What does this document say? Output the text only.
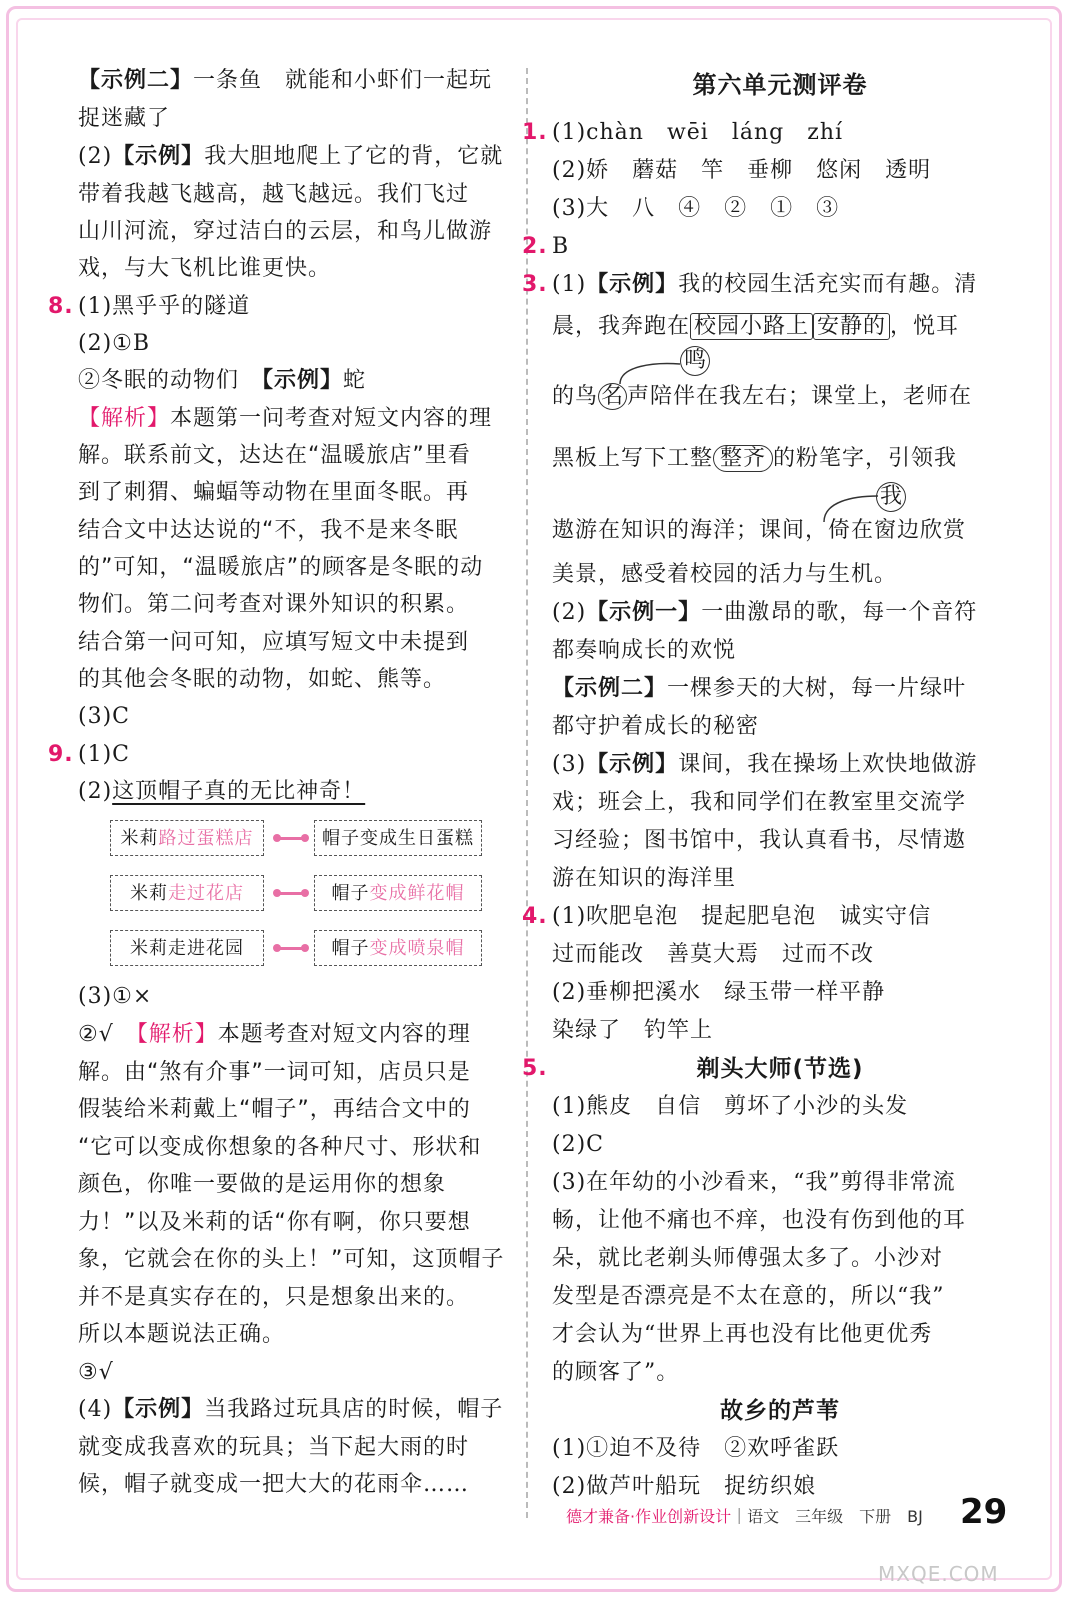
【示例二】一条鱼　就能和小虾们一起玩
捉迷藏了
(2)【示例】我大胆地爬上了它的背，它就
带着我越飞越高，越飞越远。我们飞过
山川河流，穿过洁白的云层，和鸟儿做游
戏，与大飞机比谁更快。
8. (1)黑乎乎的隧道
(2)①B
②冬眠的动物们　【示例】蛇
【解析】本题第一问考查对短文内容的理
解。联系前文，达达在“温暖旅店”里看
到了刺猬、蝙蝠等动物在里面冬眠。再
结合文中达达说的“不，我不是来冬眠
的”可知，“温暖旅店”的顾客是冬眠的动
物们。第二问考查对课外知识的积累。
结合第一问可知，应填写短文中未提到
的其他会冬眠的动物，如蛇、熊等。
(3)C
9. (1)C
(2)这顶帽子真的无比神奇！
米莉路过蛋糕店	帽子变成生日蛋糕
米莉走过花店	帽子变成鲜花帽
米莉走进花园	帽子变成喷泉帽
(3)①×
②√　【解析】本题考查对短文内容的理
解。由“煞有介事”一词可知，店员只是
假装给米莉戴上“帽子”，再结合文中的
“它可以变成你想象的各种尺寸、形状和
颜色，你唯一要做的是运用你的想象
力！”以及米莉的话“你有啊，你只要想
象，它就会在你的头上！”可知，这顶帽子
并不是真实存在的，只是想象出来的。
所以本题说法正确。
③√
(4)【示例】当我路过玩具店的时候，帽子
就变成我喜欢的玩具；当下起大雨的时
候，帽子就变成一把大大的花雨伞……
第六单元测评卷
1. (1)chàn　wēi　láng　zhí
(2)娇　蘑菇　竿　垂柳　悠闲　透明
(3)大　八　④　②　①　③
2. B
3. (1)【示例】我的校园生活充实而有趣。清
晨，我奔跑在 校园小路上 安静的 ，悦耳
鸣
的鸟 名 声陪伴在我左右；课堂上，老师在
黑板上写下工整 整齐 的粉笔字，引领我
我
遨游在知识的海洋；课间，倚在窗边欣赏
美景，感受着校园的活力与生机。
(2)【示例一】一曲激昂的歌，每一个音符
都奏响成长的欢悦
【示例二】一棵参天的大树，每一片绿叶
都守护着成长的秘密
(3)【示例】课间，我在操场上欢快地做游
戏；班会上，我和同学们在教室里交流学
习经验；图书馆中，我认真看书，尽情遨
游在知识的海洋里
4. (1)吹肥皂泡　提起肥皂泡　诚实守信
过而能改　善莫大焉　过而不改
(2)垂柳把溪水　绿玉带一样平静
染绿了　钓竿上
5.	剃头大师(节选)
(1)熊皮　自信　剪坏了小沙的头发
(2)C
(3)在年幼的小沙看来，“我”剪得非常流
畅，让他不痛也不痒，也没有伤到他的耳
朵，就比老剃头师傅强太多了。小沙对
发型是否漂亮是不太在意的，所以“我”
才会认为“世界上再也没有比他更优秀
的顾客了”。
故乡的芦苇
(1)①迫不及待　②欢呼雀跃
(2)做芦叶船玩　捉纺织娘
德才兼备·作业创新设计｜语文　三年级　下册　BJ 29
MXQE.COM
